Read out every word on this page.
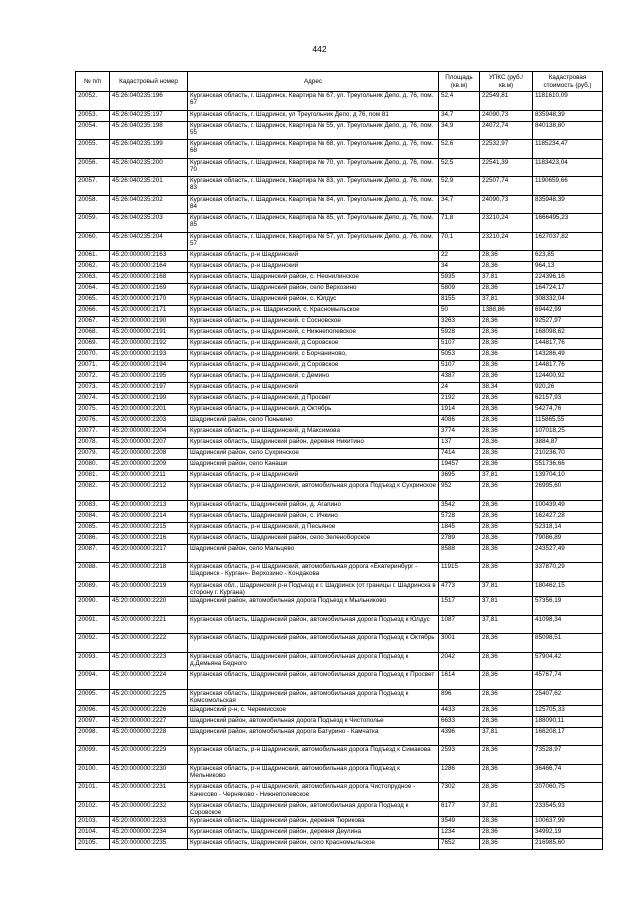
442
№ п/п	Кадастровый номер	Адрес	Площадь (кв.м)	УПКС (руб./кв.м)	Кадастровая стоимость (руб.)
20052.	45:26:040235:196	Курганская область, г. Шадринск, Квартира № 67, ул. Треугольник Депо, д. 76, пом. 67	52,4	22549,81	1181610,09
20053.	45:26:040235:197	Курганская область, г. Шадринск, ул Треугольник Депо, д 76, пом 81	34,7	24090,73	835948,39
20054.	45:26:040235:198	Курганская область, г. Шадринск, Квартира № 55, ул. Треугольник Депо, д. 76, пом. 55	34,9	24072,74	840138,80
20055.	45:26:040235:199	Курганская область, г. Шадринск, Квартира № 68, ул. Треугольник Депо, д. 76, пом. 68	52,6	22532,97	1185234,47
20056.	45:26:040235:200	Курганская область, г. Шадринск, Квартира № 70, ул. Треугольник Депо, д. 76, пом. 70	52,5	22541,39	1183423,04
20057.	45:26:040235:201	Курганская область, г. Шадринск, Квартира № 83, ул. Треугольник Депо, д. 76, пом. 83	52,9	22507,74	1190659,66
20058.	45:26:040235:202	Курганская область, г. Шадринск, Квартира № 84, ул. Треугольник Депо, д. 76, пом. 84	34,7	24090,73	835948,39
20059.	45:26:040235:203	Курганская область, г. Шадринск, Квартира № 85, ул. Треугольник Депо, д. 76, пом. 85	71,8	23210,24	1666495,23
20060.	45:26:040235:204	Курганская область, г. Шадринск, Квартира № 57, ул. Треугольник Депо, д. 76, пом. 57	70,1	23210,24	1627037,82
20061.	45:20:000000:2163	Курганская область, р-н Шадринский	22	28,36	623,85
20062.	45:20:000000:2164	Курганская область, р-н Шадринский	34	28,36	964,13
20063.	45:20:000000:2168	Курганская область, Шадринский район, с. Неонилинское	5935	37,81	224396,16
20064.	45:20:000000:2169	Курганская область, Шадринский район, село Верхозино	5809	28,36	164724,17
20065.	45:20:000000:2170	Курганская область, Шадринский район, с. Юлдус	8155	37,81	308332,04
20066.	45:20:000000:2171	Курганская область, р-н. Шадринский, с. Красномыльское	50	1388,86	69442,99
20067.	45:20:000000:2190	Курганская область, р-н Шадринский, с Сосновское	3263	28,36	92527,97
20068.	45:20:000000:2191	Курганская область, р-н Шадринский, с Нижнеполевское	5928	28,36	168098,62
20069.	45:20:000000:2192	Курганская область, р-н Шадринский, д Соровское	5107	28,36	144817,76
20070.	45:20:000000:2193	Курганская область, р-н Шадринский, с Борчаниново,	5053	28,36	143286,49
20071.	45:20:000000:2194	Курганская область, р-н Шадринский, д Соровское	5107	28,36	144817,76
20072.	45:20:000000:2195	Курганская область, р-н Шадринский, с Демино	4387	28,36	124400,92
20073.	45:20:000000:2197	Курганская область, р-н Шадринский	24	38,34	920,26
20074.	45:20:000000:2199	Курганская область, р-н Шадринский, д Просвет	2192	28,36	62157,93
20075.	45:20:000000:2201	Курганская область, р-н Шадринский, д Октябрь	1914	28,36	54274,76
20076.	45:20:000000:2203	Шадринский район, село Понькино	4086	28,36	115865,55
20077.	45:20:000000:2204	Курганская область, р-н Шадринский, д Максимова	3774	28,36	107018,25
20078.	45:20:000000:2207	Курганская область, Шадринский район, деревня Никитино	137	28,36	3884,87
20079.	45:20:000000:2208	Шадринский район, село Сухринское	7414	28,36	210236,70
20080.	45:20:000000:2209	Шадринский район, село Канаши	19457	28,36	551736,66
20081.	45:20:000000:2211	Курганская область, р-н Шадринский	3695	37,81	139704,10
20082.	45:20:000000:2212	Курганская область, р-н Шадринский, автомобильная дорога Подъезд к Сухринское	952	28,36	26995,60
20083.	45:20:000000:2213	Курганская область, Шадринский район, д. Агапино	3542	28,36	100439,49
20084.	45:20:000000:2214	Курганская область, Шадринский район, с. Ичкино	5728	28,36	162427,28
20085.	45:20:000000:2215	Курганская область, р-н Шадринский, д Песьяное	1845	28,36	52318,14
20086.	45:20:000000:2216	Курганская область, Шадринский район, село Зеленоборское	2789	28,36	79086,89
20087.	45:20:000000:2217	Шадринский район, село Мальцево	8588	28,36	243527,49
20088.	45:20:000000:2218	Курганская область, р-н Шадринский, автомобильная дорога «Екатеринбург - Шадринск - Курган»- Верхозино - Кондакова	11915	28,36	337870,29
20089.	45:20:000000:2219	Курганская обл., Шадринский р-н Подъезд к г. Шадринск (от границы г. Шадринска в сторону г. Кургана)	4773	37,81	180462,15
20090.	45:20:000000:2220	Шадринский район, автомобильная дорога Подъезд к Мыльниково	1517	37,81	57356,19
20091.	45:20:000000:2221	Курганская область, Шадринский район, автомобильная дорога Подъезд к Юлдус	1087	37,81	41098,34
20092.	45:20:000000:2222	Курганская область, Шадринский район, автомобильная дорога Подъезд к Октябрь	3001	28,36	85098,51
20093.	45:20:000000:2223	Курганская область, Шадринский район, автомобильная дорога Подъезд к д.Демьяна Бедного	2042	28,36	57904,42
20094.	45:20:000000:2224	Курганская область, Шадринский район, автомобильная дорога Подъезд к Просвет	1614	28,36	45767,74
20095.	45:20:000000:2225	Курганская область, Шадринский район, автомобильная дорога Подъезд к Комсомольская	896	28,36	25407,62
20096.	45:20:000000:2226	Шадринский р-н, с. Черемисское	4433	28,36	125705,33
20097.	45:20:000000:2227	Шадринский район, автомобильная дорога Подъезд к Чистополье	6633	28,36	188090,11
20098.	45:20:000000:2228	Шадринский район, автомобильная дорога Батурино - Камчатка	4396	37,81	166208,17
20099.	45:20:000000:2229	Курганская область, р-н Шадринский, автомобильная дорога Подъезд к Симакова	2593	28,36	73528,97
20100.	45:20:000000:2230	Курганская область, р-н Шадринский, автомобильная дорога Подъезд к Мельниково	1286	28,36	36466,74
20101.	45:20:000000:2231	Курганская область, р-н Шадринский, автомобильная дорога Чистопрудное - Качесово - Черняково - Нижнеполевское	7302	28,36	207060,75
20102.	45:20:000000:2232	Курганская область, Шадринский район, автомобильная дорога Подъезд к Соровское	6177	37,81	233545,93
20103.	45:20:000000:2233	Курганская область, Шадринский район, деревня Тюрикова	3549	28,36	100637,99
20104.	45:20:000000:2234	Курганская область, Шадринский район, деревня Деулина	1234	28,36	34992,19
20105.	45:20:000000:2235	Курганская область, Шадринский район, село Красномыльское	7652	28,36	216985,60
